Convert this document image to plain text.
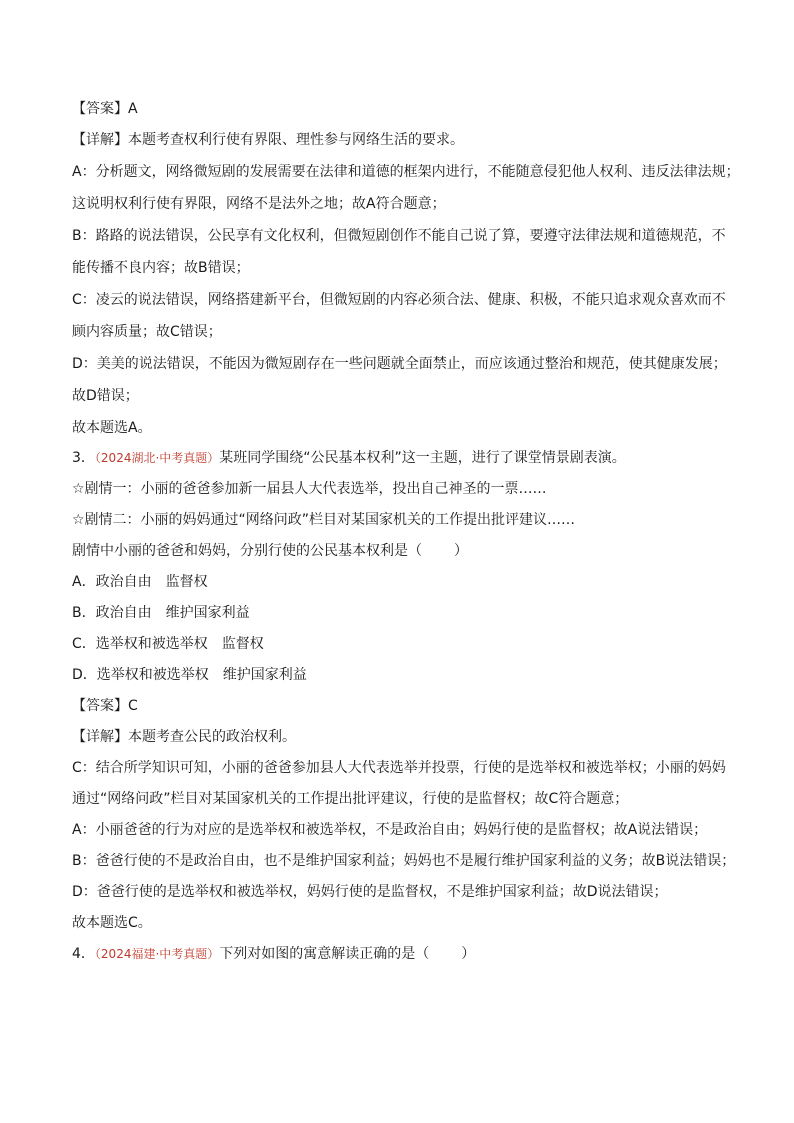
【答案】A
【详解】本题考查权利行使有界限、理性参与网络生活的要求。
A：分析题文，网络微短剧的发展需要在法律和道德的框架内进行，不能随意侵犯他人权利、违反法律法规；
这说明权利行使有界限，网络不是法外之地；故A符合题意；
B：路路的说法错误，公民享有文化权利，但微短剧创作不能自己说了算，要遵守法律法规和道德规范，不
能传播不良内容；故B错误；
C：凌云的说法错误，网络搭建新平台，但微短剧的内容必须合法、健康、积极，不能只追求观众喜欢而不
顾内容质量；故C错误；
D：美美的说法错误，不能因为微短剧存在一些问题就全面禁止，而应该通过整治和规范，使其健康发展；
故D错误；
故本题选A。
3．（2024湖北·中考真题）某班同学围绕“公民基本权利”这一主题，进行了课堂情景剧表演。
☆剧情一：小丽的爸爸参加新一届县人大代表选举，投出自己神圣的一票……
☆剧情二：小丽的妈妈通过“网络问政”栏目对某国家机关的工作提出批评建议……
剧情中小丽的爸爸和妈妈，分别行使的公民基本权利是（ ）
A．政治自由 监督权
B．政治自由 维护国家利益
C．选举权和被选举权 监督权
D．选举权和被选举权 维护国家利益
【答案】C
【详解】本题考查公民的政治权利。
C：结合所学知识可知，小丽的爸爸参加县人大代表选举并投票，行使的是选举权和被选举权；小丽的妈妈
通过“网络问政”栏目对某国家机关的工作提出批评建议，行使的是监督权；故C符合题意；
A：小丽爸爸的行为对应的是选举权和被选举权，不是政治自由；妈妈行使的是监督权；故A说法错误；
B：爸爸行使的不是政治自由，也不是维护国家利益；妈妈也不是履行维护国家利益的义务；故B说法错误；
D：爸爸行使的是选举权和被选举权，妈妈行使的是监督权，不是维护国家利益；故D说法错误；
故本题选C。
4．（2024福建·中考真题）下列对如图的寓意解读正确的是（ ）
